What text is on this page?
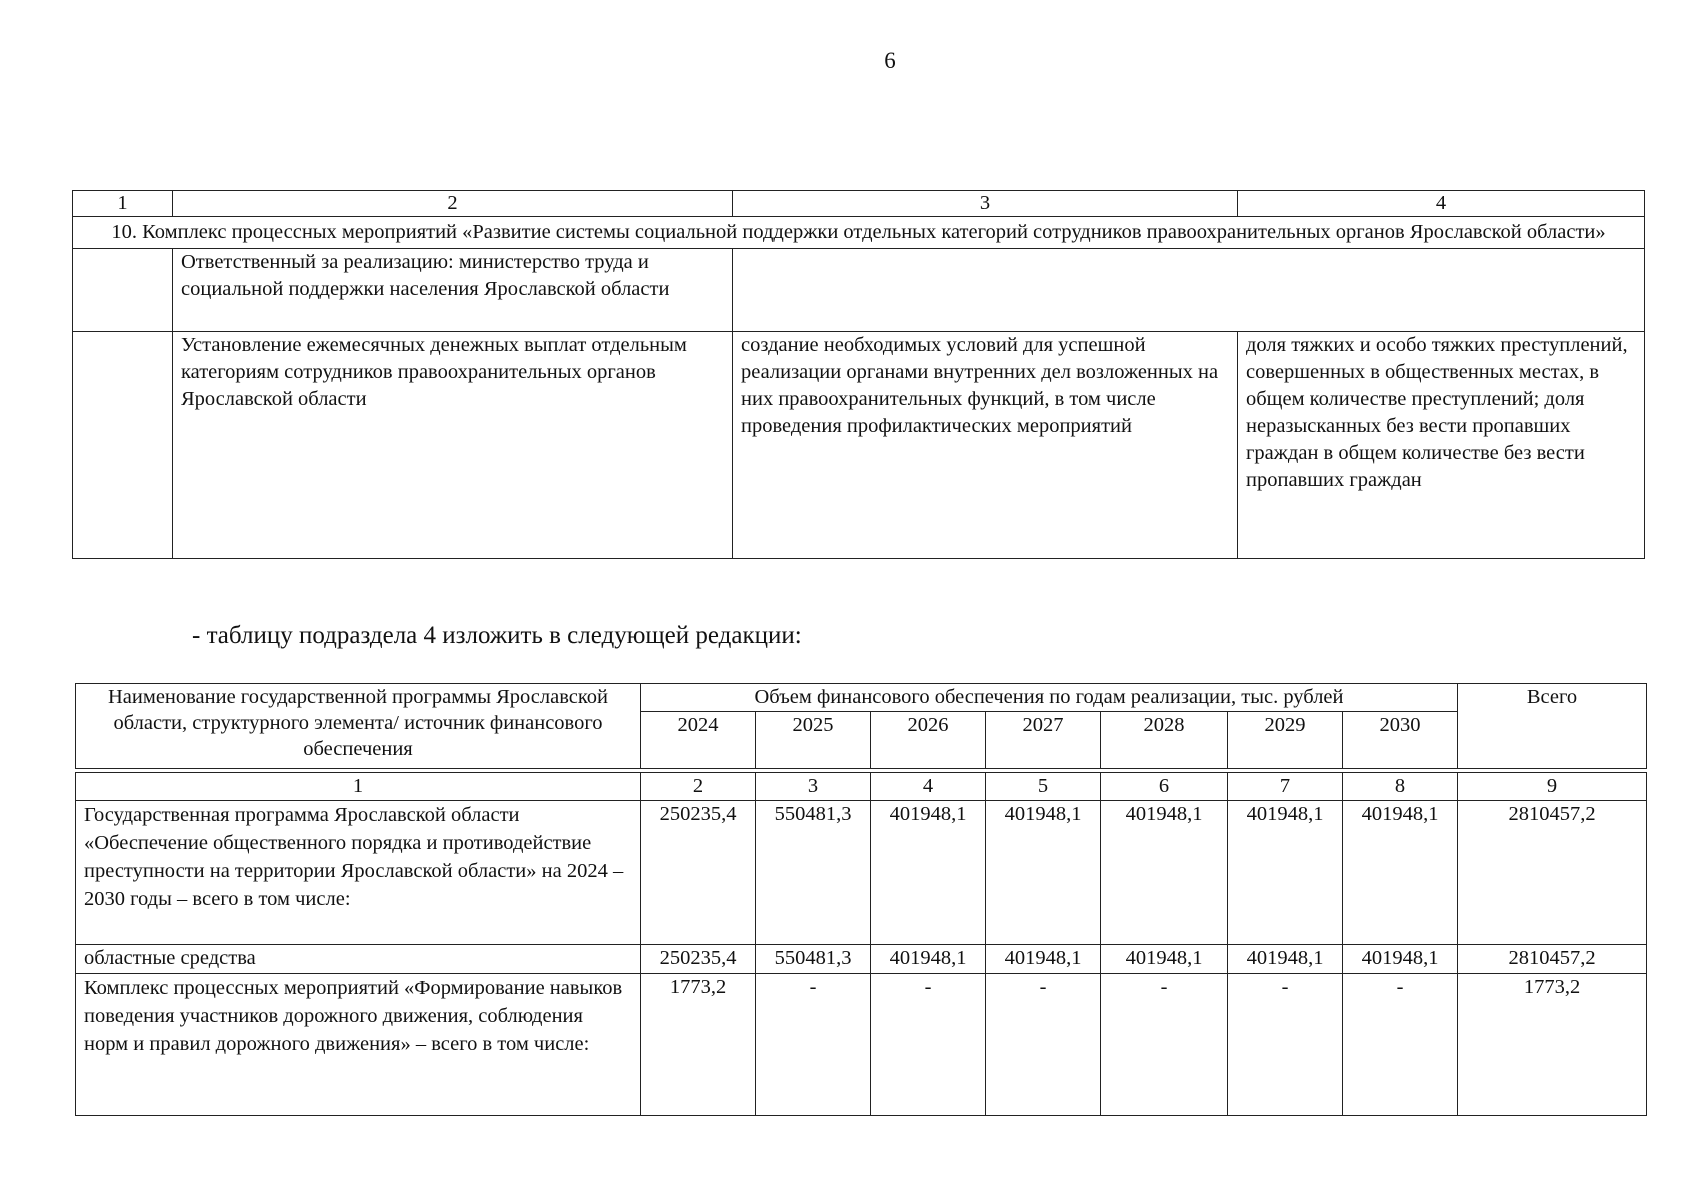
6
1	2	3	4
10. Комплекс процессных мероприятий «Развитие системы социальной поддержки отдельных категорий сотрудников правоохранительных органов Ярославской области»			
	Ответственный за реализацию: министерство труда и социальной поддержки населения Ярославской области		
	Установление ежемесячных денежных выплат отдельным категориям сотрудников правоохранительных органов Ярославской области	создание необходимых условий для успешной реализации органами внутренних дел возложенных на них правоохранительных функций, в том числе проведения профилактических мероприятий	доля тяжких и особо тяжких преступлений, совершенных в общественных местах, в общем количестве преступлений; доля неразысканных без вести пропавших граждан в общем количестве без вести пропавших граждан
- таблицу подраздела 4 изложить в следующей редакции:
Наименование государственной программы Ярославской области, структурного элемента/ источник финансового обеспечения	Объем финансового обеспечения по годам реализации, тыс. рублей							Всего
	2024	2025	2026	2027	2028	2029	2030	
1	2	3	4	5	6	7	8	9
Государственная программа Ярославской области «Обеспечение общественного порядка и противодействие преступности на территории Ярославской области» на 2024 – 2030 годы – всего в том числе:	250235,4	550481,3	401948,1	401948,1	401948,1	401948,1	401948,1	2810457,2
областные средства	250235,4	550481,3	401948,1	401948,1	401948,1	401948,1	401948,1	2810457,2
Комплекс процессных мероприятий «Формирование навыков поведения участников дорожного движения, соблюдения норм и правил дорожного движения» – всего в том числе:	1773,2	-	-	-	-	-	-	1773,2
